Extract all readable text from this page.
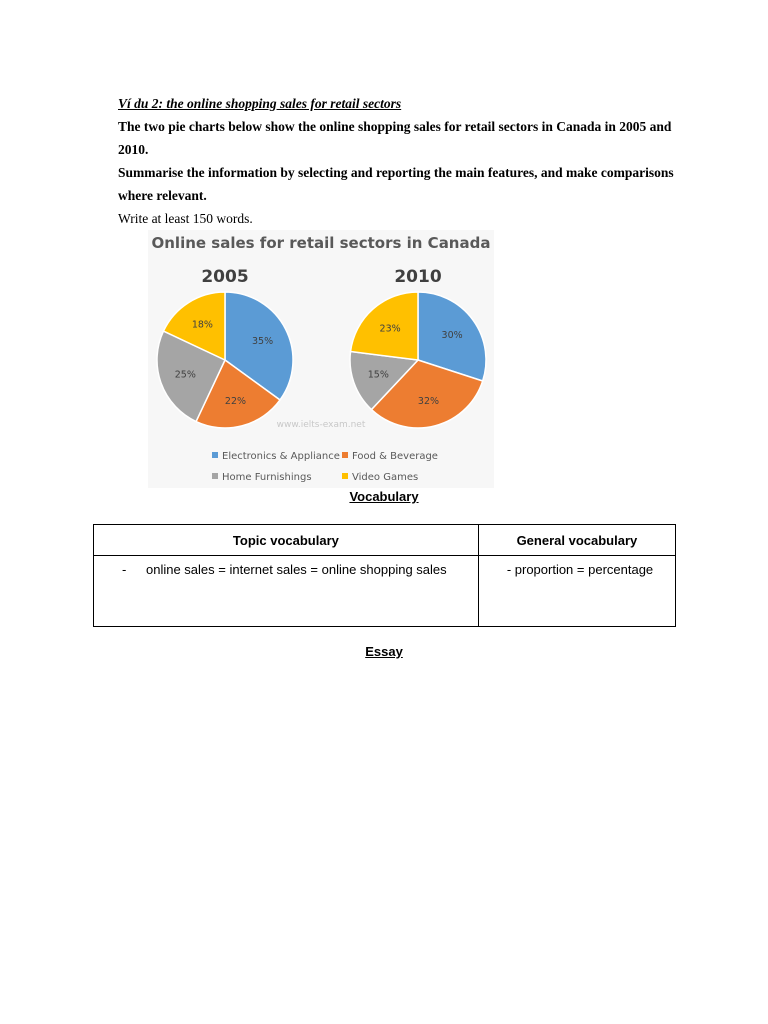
Ví du 2: the online shopping sales for retail sectors

The two pie charts below show the online shopping sales for retail sectors in Canada in 2005 and 2010.

Summarise the information by selecting and reporting the main features, and make comparisons where relevant.

Write at least 150 words.

Online sales for retail sectors in Canada
2005
35%
22%
25%
18%
2010
30%
32%
15%
23%
www.ielts-exam.net
Electronics & Appliance Food & Beverage
Home Furnishings	Video Games
Vocabulary
Topic vocabulary	General vocabulary

- online sales = internet sales = online shopping sales	- proportion = percentage
Essay
